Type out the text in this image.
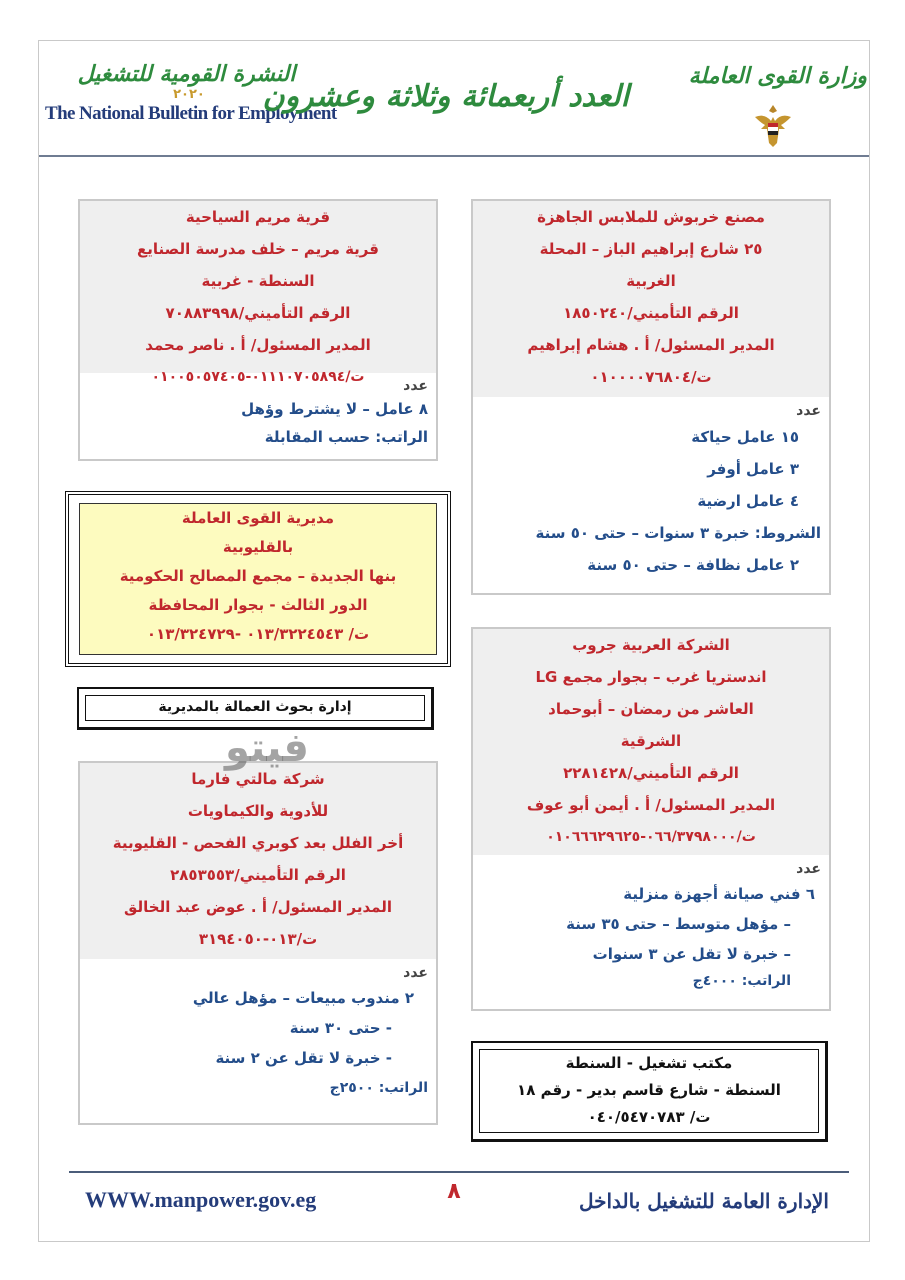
النشرة القومية للتشغيل
٢٠٢٠
The National Bulletin for Employment
العدد أربعمائة وثلاثة وعشرون
وزارة القوى العاملة
قرية مريم السياحية
قرية مريم – خلف مدرسة الصنايع
السنطة - غربية
الرقم التأميني/٧٠٨٨٣٩٩٨
المدير المسئول/ أ . ناصر محمد
ت/٠١١١٠٧٠٥٨٩٤-٠١٠٠٥٠٥٧٤٠٥
عدد
٨ عامل – لا يشترط وؤهل
الراتب: حسب المقابلة
مصنع خربوش للملابس الجاهزة
٢٥ شارع إبراهيم الباز – المحلة
الغربية
الرقم التأميني/١٨٥٠٢٤٠
المدير المسئول/ أ . هشام إبراهيم
ت/٠١٠٠٠٠٧٦٨٠٤
عدد
١٥ عامل حياكة
٣ عامل أوفر
٤ عامل ارضية
الشروط: خبرة ٣ سنوات – حتى ٥٠ سنة
٢ عامل نظافة – حتى ٥٠ سنة
مديرية القوى العاملة
بالقليوبية
بنها الجديدة – مجمع المصالح الحكومية
الدور الثالث - بجوار المحافظة
ت/ ٠١٣/٣٢٢٤٥٤٣ -٠١٣/٣٢٤٧٢٩
إدارة بحوث العمالة بالمديرية
الشركة العربية جروب
اندستريا غرب – بجوار مجمع LG
العاشر من رمضان – أبوحماد
الشرقية
الرقم التأميني/٢٢٨١٤٢٨
المدير المسئول/ أ . أيمن أبو عوف
ت/٠٦٦/٣٧٩٨٠٠٠-٠١٠٦٦٦٢٩٦٢٥
عدد
٦ فني صيانة أجهزة منزلية
– مؤهل متوسط – حتى ٣٥ سنة
– خبرة لا تقل عن ٣ سنوات
الراتب: ٤٠٠٠ج
شركة مالتي فارما
للأدوية والكيماويات
أخر الفلل بعد كوبري الفحص - القليوبية
الرقم التأميني/٢٨٥٣٥٥٣
المدير المسئول/ أ . عوض عبد الخالق
ت/٠١٣-٣١٩٤٠٥٠
عدد
٢ مندوب مبيعات – مؤهل عالي
- حتى ٣٠ سنة
- خبرة لا تقل عن ٢ سنة
الراتب: ٢٥٠٠ج
فيتو
مكتب تشغيل - السنطة
السنطة - شارع قاسم بدير - رقم ١٨
ت/ ٠٤٠/٥٤٧٠٧٨٣
WWW.manpower.gov.eg	٨	الإدارة العامة للتشغيل بالداخل
